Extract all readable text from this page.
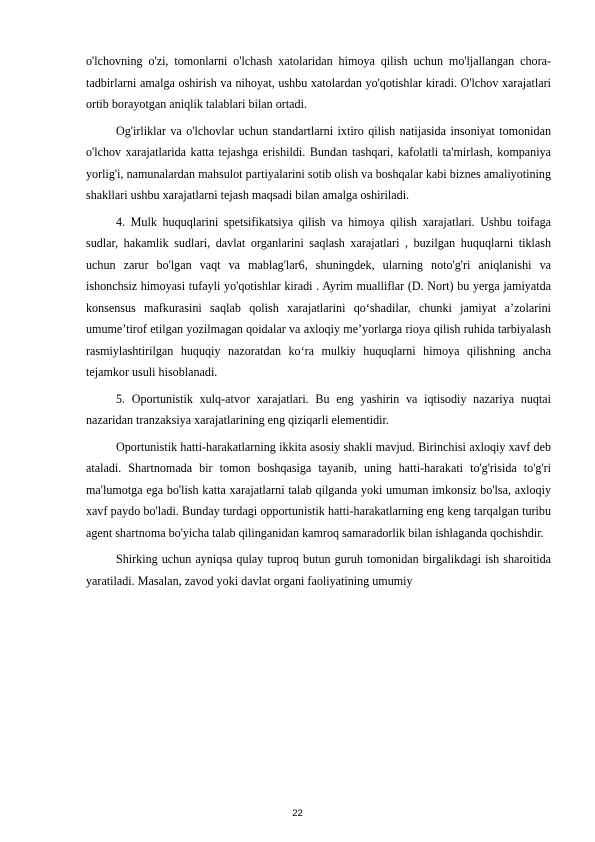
o'lchovning o'zi, tomonlarni o'lchash xatolaridan himoya qilish uchun mo'ljallangan chora-tadbirlarni amalga oshirish va nihoyat, ushbu xatolardan yo'qotishlar kiradi. O'lchov xarajatlari ortib borayotgan aniqlik talablari bilan ortadi.

Og'irliklar va o'lchovlar uchun standartlarni ixtiro qilish natijasida insoniyat tomonidan o'lchov xarajatlarida katta tejashga erishildi. Bundan tashqari, kafolatli ta'mirlash, kompaniya yorlig'i, namunalardan mahsulot partiyalarini sotib olish va boshqalar kabi biznes amaliyotining shakllari ushbu xarajatlarni tejash maqsadi bilan amalga oshiriladi.

4. Mulk huquqlarini spetsifikatsiya qilish va himoya qilish xarajatlari. Ushbu toifaga sudlar, hakamlik sudlari, davlat organlarini saqlash xarajatlari , buzilgan huquqlarni tiklash uchun zarur bo'lgan vaqt va mablag'lar6, shuningdek, ularning noto'g'ri aniqlanishi va ishonchsiz himoyasi tufayli yo'qotishlar kiradi . Ayrim mualliflar (D. Nort) bu yerga jamiyatda konsensus mafkurasini saqlab qolish xarajatlarini qo‘shadilar, chunki jamiyat a’zolarini umume’tirof etilgan yozilmagan qoidalar va axloqiy me’yorlarga rioya qilish ruhida tarbiyalash rasmiylashtirilgan huquqiy nazoratdan ko‘ra mulkiy huquqlarni himoya qilishning ancha tejamkor usuli hisoblanadi.

5. Oportunistik xulq-atvor xarajatlari. Bu eng yashirin va iqtisodiy nazariya nuqtai nazaridan tranzaksiya xarajatlarining eng qiziqarli elementidir.

Oportunistik hatti-harakatlarning ikkita asosiy shakli mavjud. Birinchisi axloqiy xavf deb ataladi. Shartnomada bir tomon boshqasiga tayanib, uning hatti-harakati to'g'risida to'g'ri ma'lumotga ega bo'lish katta xarajatlarni talab qilganda yoki umuman imkonsiz bo'lsa, axloqiy xavf paydo bo'ladi. Bunday turdagi opportunistik hatti-harakatlarning eng keng tarqalgan turibu agent shartnoma bo'yicha talab qilinganidan kamroq samaradorlik bilan ishlaganda qochishdir.

Shirking uchun ayniqsa qulay tuproq butun guruh tomonidan birgalikdagi ish sharoitida yaratiladi. Masalan, zavod yoki davlat organi faoliyatining umumiy

22
